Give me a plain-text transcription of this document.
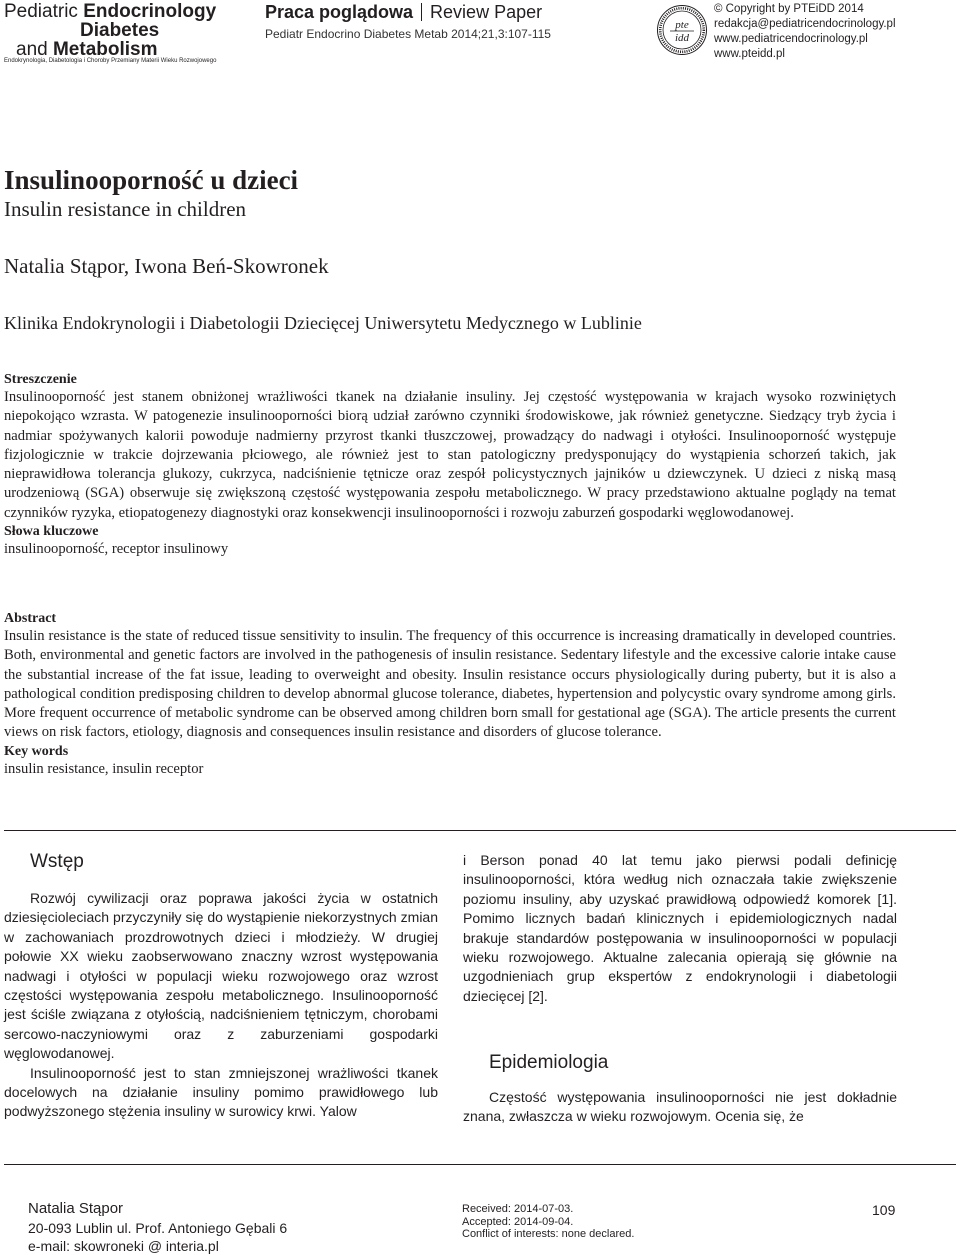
Pediatric Endocrinology
Diabetes
and Metabolism
Endokrynologia, Diabetologia i Choroby Przemiany Materii Wieku Rozwojowego
Praca poglądowa Review Paper
Pediatr Endocrino Diabetes Metab 2014;21,3:107-115
pte
idd
© Copyright by PTEiDD 2014
redakcja@pediatricendocrinology.pl
www.pediatricendocrinology.pl
www.pteidd.pl
Insulinooporność u dzieci
Insulin resistance in children
Natalia Stąpor, Iwona Beń-Skowronek
Klinika Endokrynologii i Diabetologii Dziecięcej Uniwersytetu Medycznego w Lublinie
Streszczenie
Insulinooporność jest stanem obniżonej wrażliwości tkanek na działanie insuliny. Jej częstość występowania w krajach wysoko rozwiniętych niepokojąco wzrasta. W patogenezie insulinooporności biorą udział zarówno czynniki środowiskowe, jak również genetyczne. Siedzący tryb życia i nadmiar spożywanych kalorii powoduje nadmierny przyrost tkanki tłuszczowej, prowadzący do nadwagi i otyłości. Insulinooporność występuje fizjologicznie w trakcie dojrzewania płciowego, ale również jest to stan patologiczny predysponujący do wystąpienia schorzeń takich, jak nieprawidłowa tolerancja glukozy, cukrzyca, nadciśnienie tętnicze oraz zespół policystycznych jajników u dziewczynek. U dzieci z niską masą urodzeniową (SGA) obserwuje się zwiększoną częstość występowania zespołu metabolicznego. W pracy przedstawiono aktualne poglądy na temat czynników ryzyka, etiopatogenezy diagnostyki oraz konsekwencji insulinooporności i rozwoju zaburzeń gospodarki węglowodanowej.
Słowa kluczowe
insulinooporność, receptor insulinowy
Abstract
Insulin resistance is the state of reduced tissue sensitivity to insulin. The frequency of this occurrence is increasing dramatically in developed countries. Both, environmental and genetic factors are involved in the pathogenesis of insulin resistance. Sedentary lifestyle and the excessive calorie intake cause the substantial increase of the fat issue, leading to overweight and obesity. Insulin resistance occurs physiologically during puberty, but it is also a pathological condition predisposing children to develop abnormal glucose tolerance, diabetes, hypertension and polycystic ovary syndrome among girls. More frequent occurrence of metabolic syndrome can be observed among children born small for gestational age (SGA). The article presents the current views on risk factors, etiology, diagnosis and consequences insulin resistance and disorders of glucose tolerance.
Key words
insulin resistance, insulin receptor
Wstęp

Rozwój cywilizacji oraz poprawa jakości życia w ostatnich dziesięcioleciach przyczyniły się do wystąpienie niekorzystnych zmian w zachowaniach prozdrowotnych dzieci i młodzieży. W drugiej połowie XX wieku zaobserwowano znaczny wzrost występowania nadwagi i otyłości w populacji wieku rozwojowego oraz wzrost częstości występowania zespołu metabolicznego. Insulinooporność jest ściśle związana z otyłością, nadciśnieniem tętniczym, chorobami sercowo-naczyniowymi oraz z zaburzeniami gospodarki węglowodanowej.

Insulinooporność jest to stan zmniejszonej wrażliwości tkanek docelowych na działanie insuliny pomimo prawidłowego lub podwyższonego stężenia insuliny w surowicy krwi. Yalow

i Berson ponad 40 lat temu jako pierwsi podali definicję insulinooporności, która według nich oznaczała takie zwiększenie poziomu insuliny, aby uzyskać prawidłową odpowiedź komorek [1]. Pomimo licznych badań klinicznych i epidemiologicznych nadal brakuje standardów postępowania w insulinooporności w populacji wieku rozwojowego. Aktualne zalecania opierają się głównie na uzgodnieniach grup ekspertów z endokrynologii i diabetologii dziecięcej [2].

Epidemiologia

Częstość występowania insulinooporności nie jest dokładnie znana, zwłaszcza w wieku rozwojowym. Ocenia się, że

Natalia Stąpor
20-093 Lublin ul. Prof. Antoniego Gębali 6
e-mail: skowroneki @ interia.pl
Received: 2014-07-03.
Accepted: 2014-09-04.
Conflict of interests: none declared.
109
